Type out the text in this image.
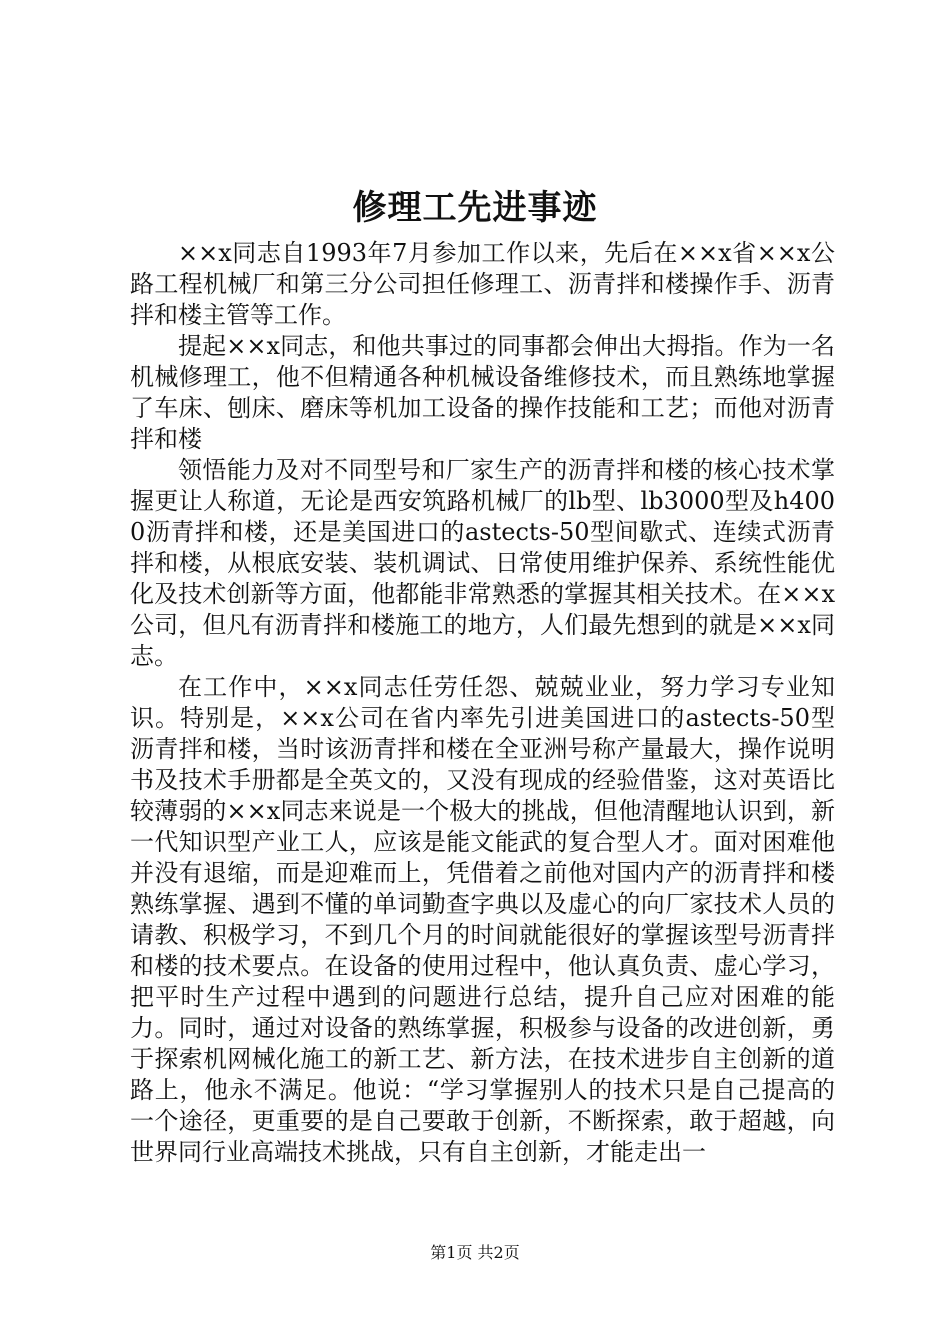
修理工先进事迹

××x同志自1993年7月参加工作以来，先后在××x省××x公路工程机械厂和第三分公司担任修理工、沥青拌和楼操作手、沥青拌和楼主管等工作。

提起××x同志，和他共事过的同事都会伸出大拇指。作为一名机械修理工，他不但精通各种机械设备维修技术，而且熟练地掌握了车床、刨床、磨床等机加工设备的操作技能和工艺；而他对沥青拌和楼

领悟能力及对不同型号和厂家生产的沥青拌和楼的核心技术掌握更让人称道，无论是西安筑路机械厂的lb型、lb3000型及h4000沥青拌和楼，还是美国进口的astects-50型间歇式、连续式沥青拌和楼，从根底安装、装机调试、日常使用维护保养、系统性能优化及技术创新等方面，他都能非常熟悉的掌握其相关技术。在××x公司，但凡有沥青拌和楼施工的地方，人们最先想到的就是××x同志。

在工作中，××x同志任劳任怨、兢兢业业，努力学习专业知识。特别是，××x公司在省内率先引进美国进口的astects-50型沥青拌和楼，当时该沥青拌和楼在全亚洲号称产量最大，操作说明书及技术手册都是全英文的，又没有现成的经验借鉴，这对英语比较薄弱的××x同志来说是一个极大的挑战，但他清醒地认识到，新一代知识型产业工人，应该是能文能武的复合型人才。面对困难他并没有退缩，而是迎难而上，凭借着之前他对国内产的沥青拌和楼熟练掌握、遇到不懂的单词勤查字典以及虚心的向厂家技术人员的请教、积极学习，不到几个月的时间就能很好的掌握该型号沥青拌和楼的技术要点。在设备的使用过程中，他认真负责、虚心学习，把平时生产过程中遇到的问题进行总结，提升自己应对困难的能力。同时，通过对设备的熟练掌握，积极参与设备的改进创新，勇于探索机网械化施工的新工艺、新方法，在技术进步自主创新的道路上，他永不满足。他说：“学习掌握别人的技术只是自己提高的一个途径，更重要的是自己要敢于创新，不断探索，敢于超越，向世界同行业高端技术挑战，只有自主创新，才能走出一

第1页 共2页
